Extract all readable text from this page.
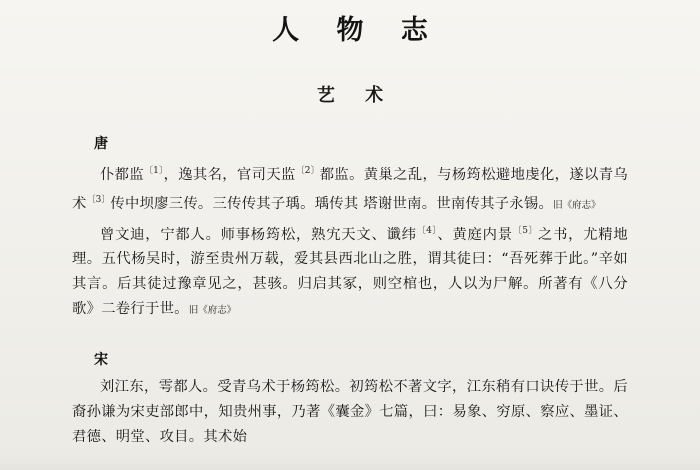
人 物 志
艺 术
唐

仆都监$^{〔1〕}$，逸其名，官司天监$^{〔2〕}$都监。黄巢之乱，与杨筠松避地虔化，遂以青乌术$^{〔3〕}$传中坝廖三传。三传传其子瑀。瑀传其 塔谢世南。世南传其子永锡。旧《府志》

曾文迪，宁都人。师事杨筠松，熟宄天文、谶纬$^{〔4〕}$、黄庭内景$^{〔5〕}$之书，尤精地理。五代杨吴时，游至贵州万载，爱其县西北山之胜，谓其徒曰：“吾死葬于此。”辛如其言。后其徒过豫章见之，甚骇。归启其冢，则空棺也，人以为尸解。所著有《八分歌》二卷行于世。旧《府志》

宋

刘江东，雩都人。受青乌术于杨筠松。初筠松不著文字，江东稍有口诀传于世。后裔孙谦为宋吏部郎中，知贵州事，乃著《囊金》七篇，曰：易象、穷原、察应、墨证、君德、明堂、攻目。其术始
